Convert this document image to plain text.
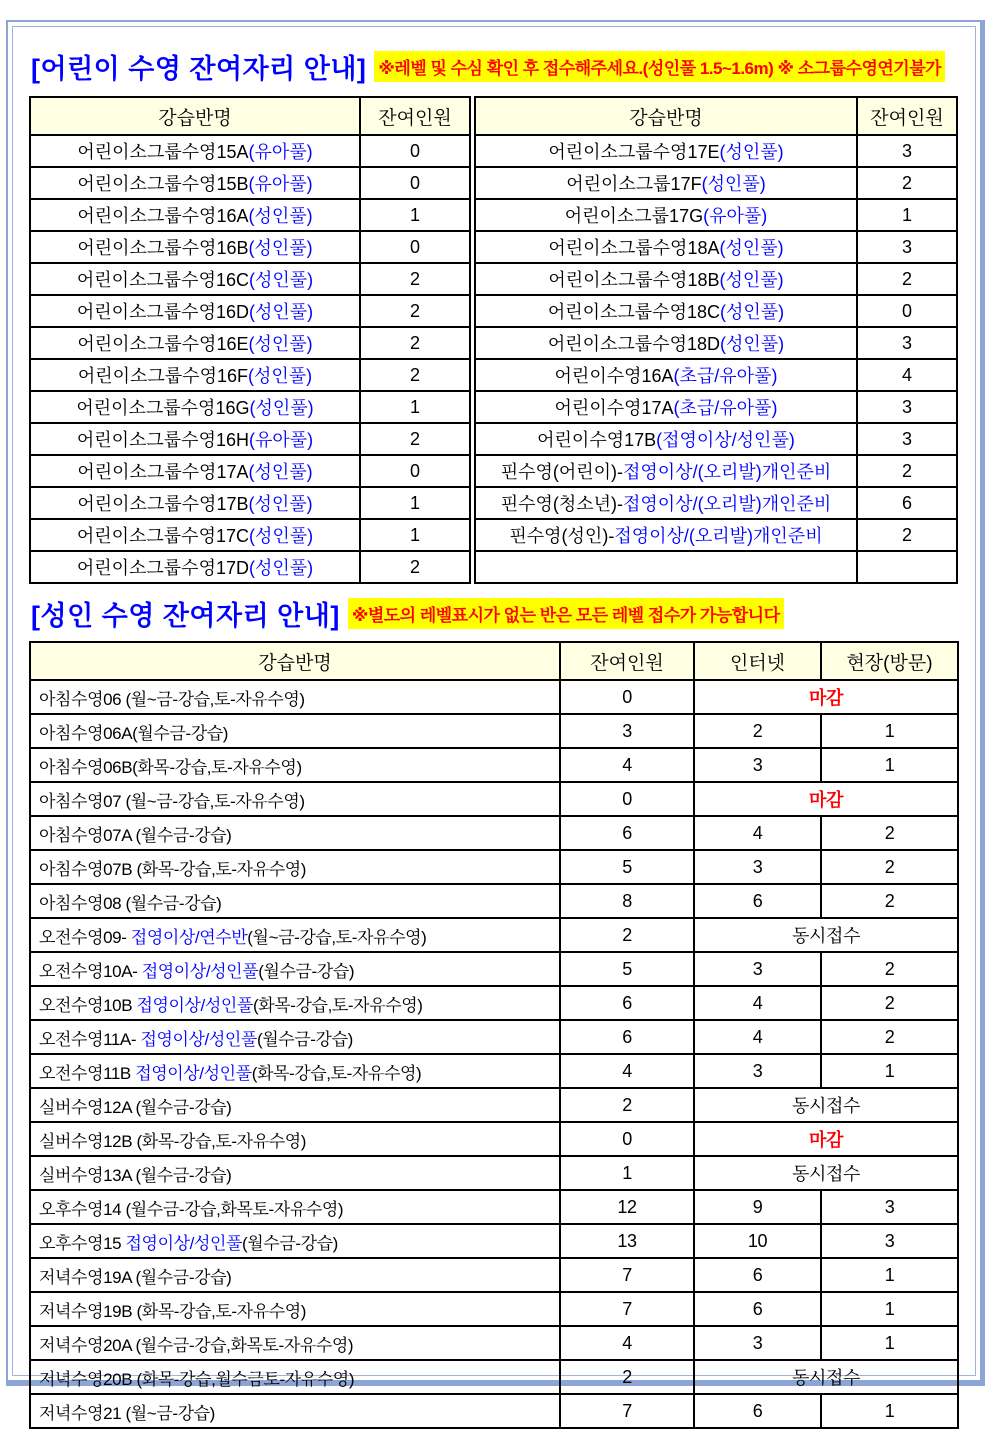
[어린이 수영 잔여자리 안내] ※레벨 및 수심 확인 후 접수해주세요.(성인풀 1.5~1.6m) ※ 소그룹수영연기불가
강습반명	잔여인원
어린이소그룹수영15A(유아풀)	0
어린이소그룹수영15B(유아풀)	0
어린이소그룹수영16A(성인풀)	1
어린이소그룹수영16B(성인풀)	0
어린이소그룹수영16C(성인풀)	2
어린이소그룹수영16D(성인풀)	2
어린이소그룹수영16E(성인풀)	2
어린이소그룹수영16F(성인풀)	2
어린이소그룹수영16G(성인풀)	1
어린이소그룹수영16H(유아풀)	2
어린이소그룹수영17A(성인풀)	0
어린이소그룹수영17B(성인풀)	1
어린이소그룹수영17C(성인풀)	1
어린이소그룹수영17D(성인풀)	2
강습반명	잔여인원
어린이소그룹수영17E(성인풀)	3
어린이소그룹17F(성인풀)	2
어린이소그룹17G(유아풀)	1
어린이소그룹수영18A(성인풀)	3
어린이소그룹수영18B(성인풀)	2
어린이소그룹수영18C(성인풀)	0
어린이소그룹수영18D(성인풀)	3
어린이수영16A(초급/유아풀)	4
어린이수영17A(초급/유아풀)	3
어린이수영17B(접영이상/성인풀)	3
핀수영(어린이)-접영이상/(오리발)개인준비	2
핀수영(청소년)-접영이상/(오리발)개인준비	6
핀수영(성인)-접영이상/(오리발)개인준비	2

[성인 수영 잔여자리 안내] ※별도의 레벨표시가 없는 반은 모든 레벨 접수가 가능합니다
강습반명	잔여인원	인터넷	현장(방문)
아침수영06 (월~금-강습,토-자유수영)	0	마감	
아침수영06A(월수금-강습)	3	2	1
아침수영06B(화목-강습,토-자유수영)	4	3	1
아침수영07 (월~금-강습,토-자유수영)	0	마감	
아침수영07A (월수금-강습)	6	4	2
아침수영07B (화목-강습,토-자유수영)	5	3	2
아침수영08 (월수금-강습)	8	6	2
오전수영09- 접영이상/연수반(월~금-강습,토-자유수영)	2	동시접수	
오전수영10A- 접영이상/성인풀(월수금-강습)	5	3	2
오전수영10B 접영이상/성인풀(화목-강습,토-자유수영)	6	4	2
오전수영11A- 접영이상/성인풀(월수금-강습)	6	4	2
오전수영11B 접영이상/성인풀(화목-강습,토-자유수영)	4	3	1
실버수영12A (월수금-강습)	2	동시접수	
실버수영12B (화목-강습,토-자유수영)	0	마감	
실버수영13A (월수금-강습)	1	동시접수	
오후수영14 (월수금-강습,화목토-자유수영)	12	9	3
오후수영15 접영이상/성인풀(월수금-강습)	13	10	3
저녁수영19A (월수금-강습)	7	6	1
저녁수영19B (화목-강습,토-자유수영)	7	6	1
저녁수영20A (월수금-강습,화목토-자유수영)	4	3	1
저녁수영20B (화목-강습,월수금토-자유수영)	2	동시접수	
저녁수영21 (월~금-강습)	7	6	1
